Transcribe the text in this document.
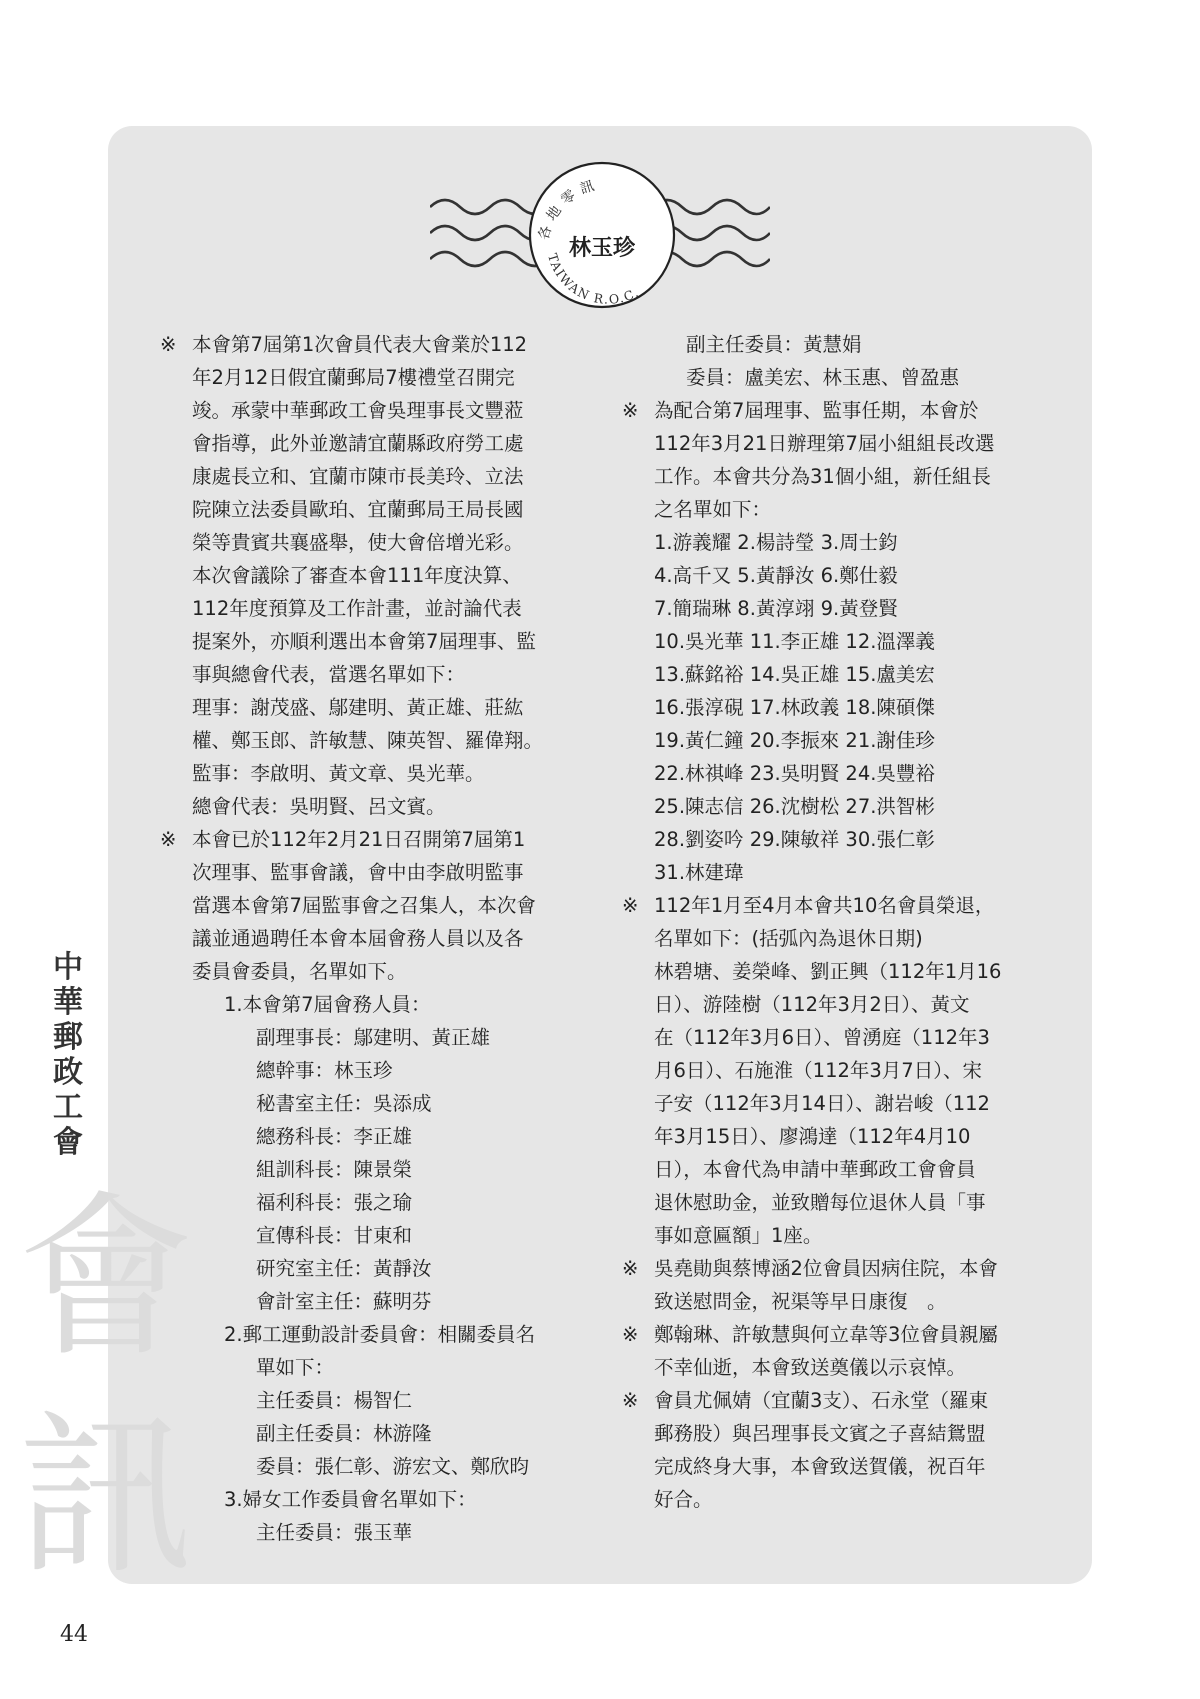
會
訊
中
華
郵
政
工
會
各地零訊
林玉珍
TAIWAN R.O.C.
※ 本會第7屆第1次會員代表大會業於112
年2月12日假宜蘭郵局7樓禮堂召開完
竣。承蒙中華郵政工會吳理事長文豐蒞
會指導，此外並邀請宜蘭縣政府勞工處
康處長立和、宜蘭市陳市長美玲、立法
院陳立法委員歐珀、宜蘭郵局王局長國
榮等貴賓共襄盛舉，使大會倍增光彩。
本次會議除了審查本會111年度決算、
112年度預算及工作計畫，並討論代表
提案外，亦順利選出本會第7屆理事、監
事與總會代表，當選名單如下：
理事：謝茂盛、鄔建明、黃正雄、莊紘
權、鄭玉郎、許敏慧、陳英智、羅偉翔。
監事：李啟明、黃文章、吳光華。
總會代表：吳明賢、呂文賓。
※ 本會已於112年2月21日召開第7屆第1
次理事、監事會議，會中由李啟明監事
當選本會第7屆監事會之召集人，本次會
議並通過聘任本會本屆會務人員以及各
委員會委員，名單如下。
1.本會第7屆會務人員：
副理事長：鄔建明、黃正雄
總幹事：林玉珍
秘書室主任：吳添成
總務科長：李正雄
組訓科長：陳景榮
福利科長：張之瑜
宣傳科長：甘東和
研究室主任：黃靜汝
會計室主任：蘇明芬
2.郵工運動設計委員會：相關委員名
單如下：
主任委員：楊智仁
副主任委員：林游隆
委員：張仁彰、游宏文、鄭欣昀
3.婦女工作委員會名單如下：
主任委員：張玉華
副主任委員：黃慧娟
委員：盧美宏、林玉惠、曾盈惠
※ 為配合第7屆理事、監事任期，本會於
112年3月21日辦理第7屆小組組長改選
工作。本會共分為31個小組，新任組長
之名單如下：
1.游義耀 2.楊詩瑩 3.周士鈞
4.高千又 5.黃靜汝 6.鄭仕毅
7.簡瑞琳 8.黃淳翊 9.黃登賢
10.吳光華 11.李正雄 12.溫澤義
13.蘇銘裕 14.吳正雄 15.盧美宏
16.張淳硯 17.林政義 18.陳碩傑
19.黃仁鐘 20.李振來 21.謝佳珍
22.林祺峰 23.吳明賢 24.吳豐裕
25.陳志信 26.沈樹松 27.洪智彬
28.劉姿吟 29.陳敏祥 30.張仁彰
31.林建瑋
※ 112年1月至4月本會共10名會員榮退，
名單如下：(括弧內為退休日期)
林碧塘、姜榮峰、劉正興（112年1月16
日）、游陸樹（112年3月2日）、黃文
在（112年3月6日）、曾湧庭（112年3
月6日）、石施淮（112年3月7日）、宋
子安（112年3月14日）、謝岩峻（112
年3月15日）、廖鴻達（112年4月10
日），本會代為申請中華郵政工會會員
退休慰助金，並致贈每位退休人員「事
事如意匾額」1座。
※ 吳堯勛與蔡博涵2位會員因病住院，本會
致送慰問金，祝渠等早日康復　。
※ 鄭翰琳、許敏慧與何立韋等3位會員親屬
不幸仙逝，本會致送奠儀以示哀悼。
※ 會員尤佩婧（宜蘭3支）、石永堂（羅東
郵務股）與呂理事長文賓之子喜結鴛盟
完成終身大事，本會致送賀儀，祝百年
好合。
44
